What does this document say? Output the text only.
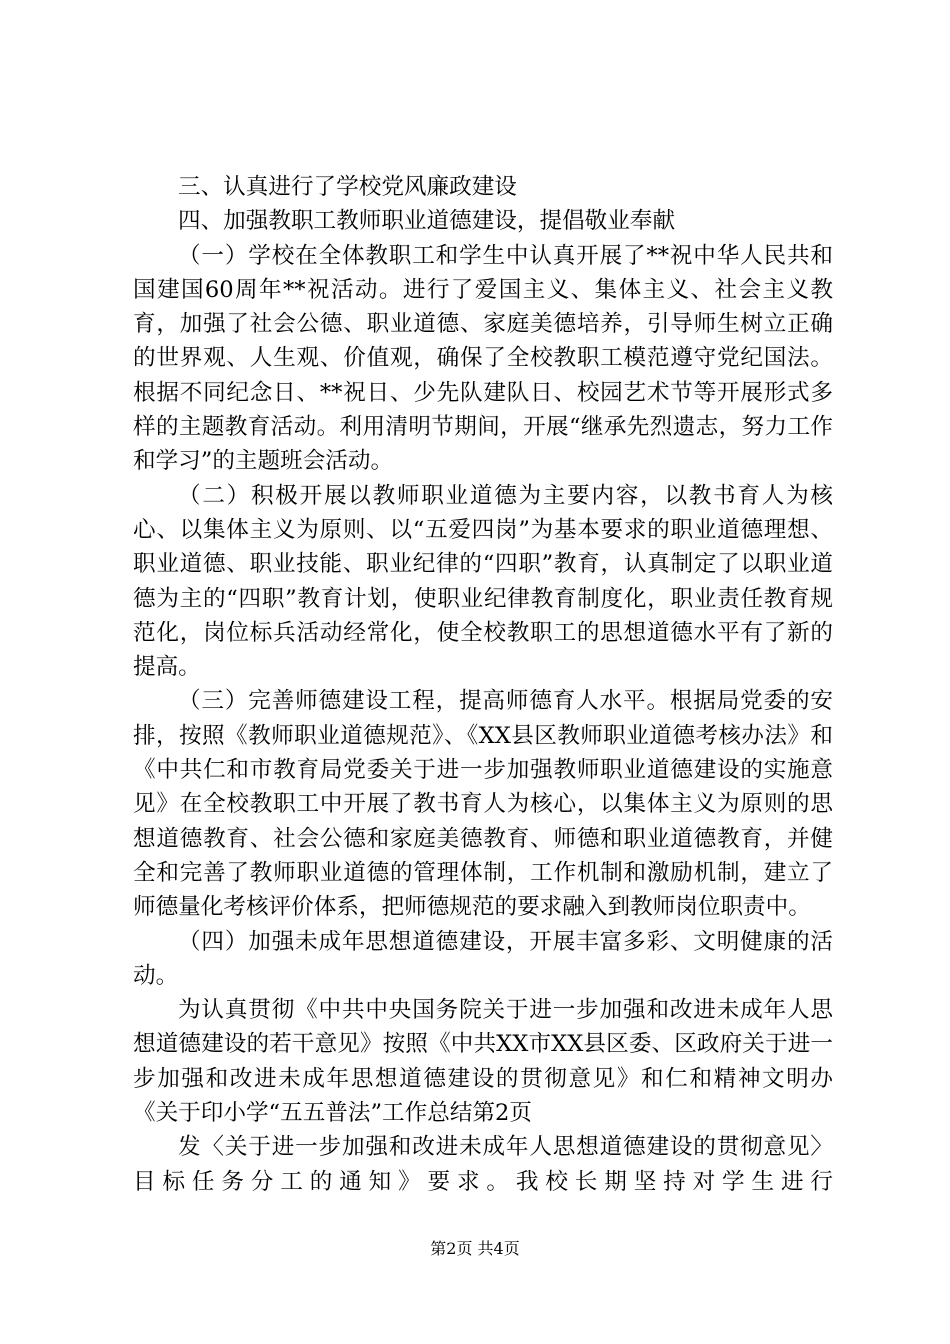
三、认真进行了学校党风廉政建设

四、加强教职工教师职业道德建设，提倡敬业奉献

（一）学校在全体教职工和学生中认真开展了**祝中华人民共和国建国60周年**祝活动。进行了爱国主义、集体主义、社会主义教育，加强了社会公德、职业道德、家庭美德培养，引导师生树立正确的世界观、人生观、价值观，确保了全校教职工模范遵守党纪国法。根据不同纪念日、**祝日、少先队建队日、校园艺术节等开展形式多样的主题教育活动。利用清明节期间，开展“继承先烈遗志，努力工作和学习”的主题班会活动。

（二）积极开展以教师职业道德为主要内容，以教书育人为核心、以集体主义为原则、以“五爱四岗”为基本要求的职业道德理想、职业道德、职业技能、职业纪律的“四职”教育，认真制定了以职业道德为主的“四职”教育计划，使职业纪律教育制度化，职业责任教育规范化，岗位标兵活动经常化，使全校教职工的思想道德水平有了新的提高。

（三）完善师德建设工程，提高师德育人水平。根据局党委的安排，按照《教师职业道德规范》、《XX县区教师职业道德考核办法》和《中共仁和市教育局党委关于进一步加强教师职业道德建设的实施意见》在全校教职工中开展了教书育人为核心，以集体主义为原则的思想道德教育、社会公德和家庭美德教育、师德和职业道德教育，并健全和完善了教师职业道德的管理体制，工作机制和激励机制，建立了师德量化考核评价体系，把师德规范的要求融入到教师岗位职责中。

（四）加强未成年思想道德建设，开展丰富多彩、文明健康的活动。

为认真贯彻《中共中央国务院关于进一步加强和改进未成年人思想道德建设的若干意见》按照《中共XX市XX县区委、区政府关于进一步加强和改进未成年思想道德建设的贯彻意见》和仁和精神文明办《关于印小学“五五普法”工作总结第2页

发〈关于进一步加强和改进未成年人思想道德建设的贯彻意见〉目标任务分工的通知》要求。我校长期坚持对学生进行

第2页 共4页
